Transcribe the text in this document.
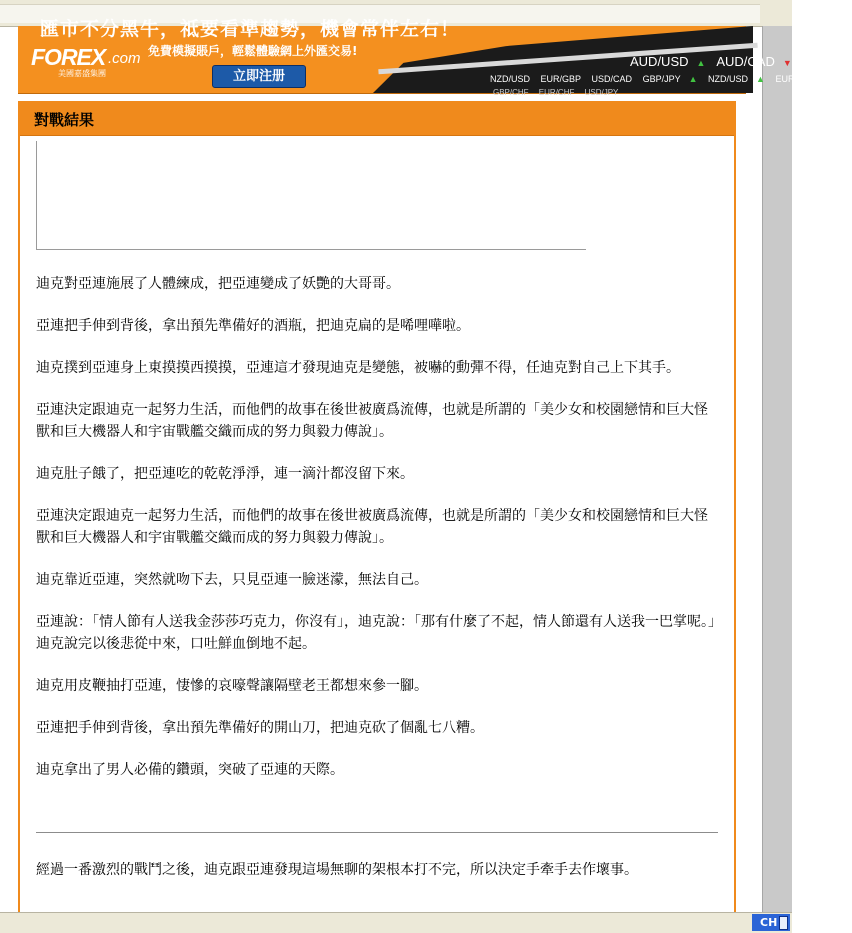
匯市不分黑牛，祗要看準趨勢，機會常伴左右！
FOREX .com
美國嘉盛集團
免費模擬賬戶，輕鬆體驗網上外匯交易!
立即注册
AUD/USD ▲ AUD/CAD ▼ EUR/C
NZD/USD EUR/GBP USD/CAD GBP/JPY ▲ NZD/USD ▲ EUR/G
GBP/CHF EUR/CHF USD/JPY
對戰結果

迪克對亞連施展了人體練成，把亞連變成了妖艷的大哥哥。

亞連把手伸到背後，拿出預先準備好的酒瓶，把迪克扁的是唏哩嘩啦。

迪克撲到亞連身上東摸摸西摸摸，亞連這才發現迪克是變態，被嚇的動彈不得，任迪克對自己上下其手。

亞連決定跟迪克一起努力生活，而他們的故事在後世被廣爲流傳，也就是所謂的「美少女和校園戀情和巨大怪獸和巨大機器人和宇宙戰艦交織而成的努力與毅力傳說」。

迪克肚子餓了，把亞連吃的乾乾淨淨，連一滴汁都沒留下來。

亞連決定跟迪克一起努力生活，而他們的故事在後世被廣爲流傳，也就是所謂的「美少女和校園戀情和巨大怪獸和巨大機器人和宇宙戰艦交織而成的努力與毅力傳說」。

迪克靠近亞連，突然就吻下去，只見亞連一臉迷濛，無法自己。

亞連說：「情人節有人送我金莎莎巧克力，你沒有」，迪克說：「那有什麼了不起，情人節還有人送我一巴掌呢。」迪克說完以後悲從中來，口吐鮮血倒地不起。

迪克用皮鞭抽打亞連，悽慘的哀嚎聲讓隔壁老王都想來參一腳。

亞連把手伸到背後，拿出預先準備好的開山刀，把迪克砍了個亂七八糟。

迪克拿出了男人必備的鑽頭，突破了亞連的天際。

經過一番激烈的戰鬥之後，迪克跟亞連發現這場無聊的架根本打不完，所以決定手牽手去作壞事。

CH
